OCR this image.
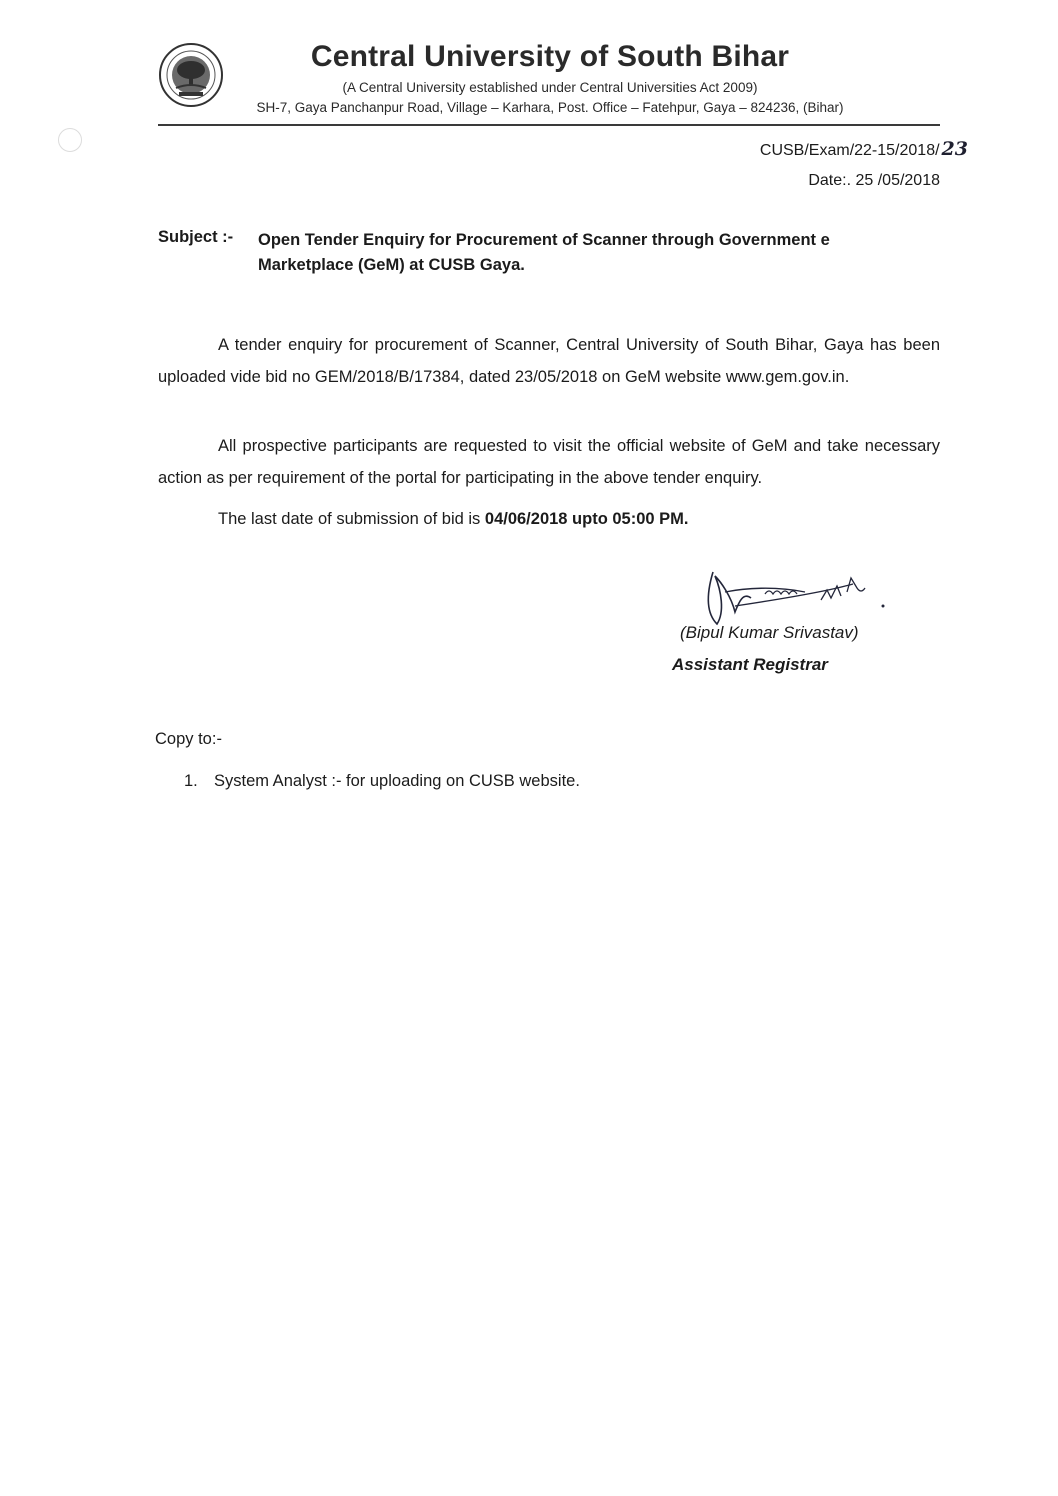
Central University of South Bihar
(A Central University established under Central Universities Act 2009)
SH-7, Gaya Panchanpur Road, Village – Karhara, Post. Office – Fatehpur, Gaya – 824236, (Bihar)
CUSB/Exam/22-15/2018/ 23
Date:. 25 /05/2018
Subject :- Open Tender Enquiry for Procurement of Scanner through Government e Marketplace (GeM) at CUSB Gaya.
A tender enquiry for procurement of Scanner, Central University of South Bihar, Gaya has been uploaded vide bid no GEM/2018/B/17384, dated 23/05/2018 on GeM website www.gem.gov.in.
All prospective participants are requested to visit the official website of GeM and take necessary action as per requirement of the portal for participating in the above tender enquiry.
The last date of submission of bid is 04/06/2018 upto 05:00 PM.
(Bipul Kumar Srivastav)
Assistant Registrar
Copy to:-
1. System Analyst :- for uploading on CUSB website.
